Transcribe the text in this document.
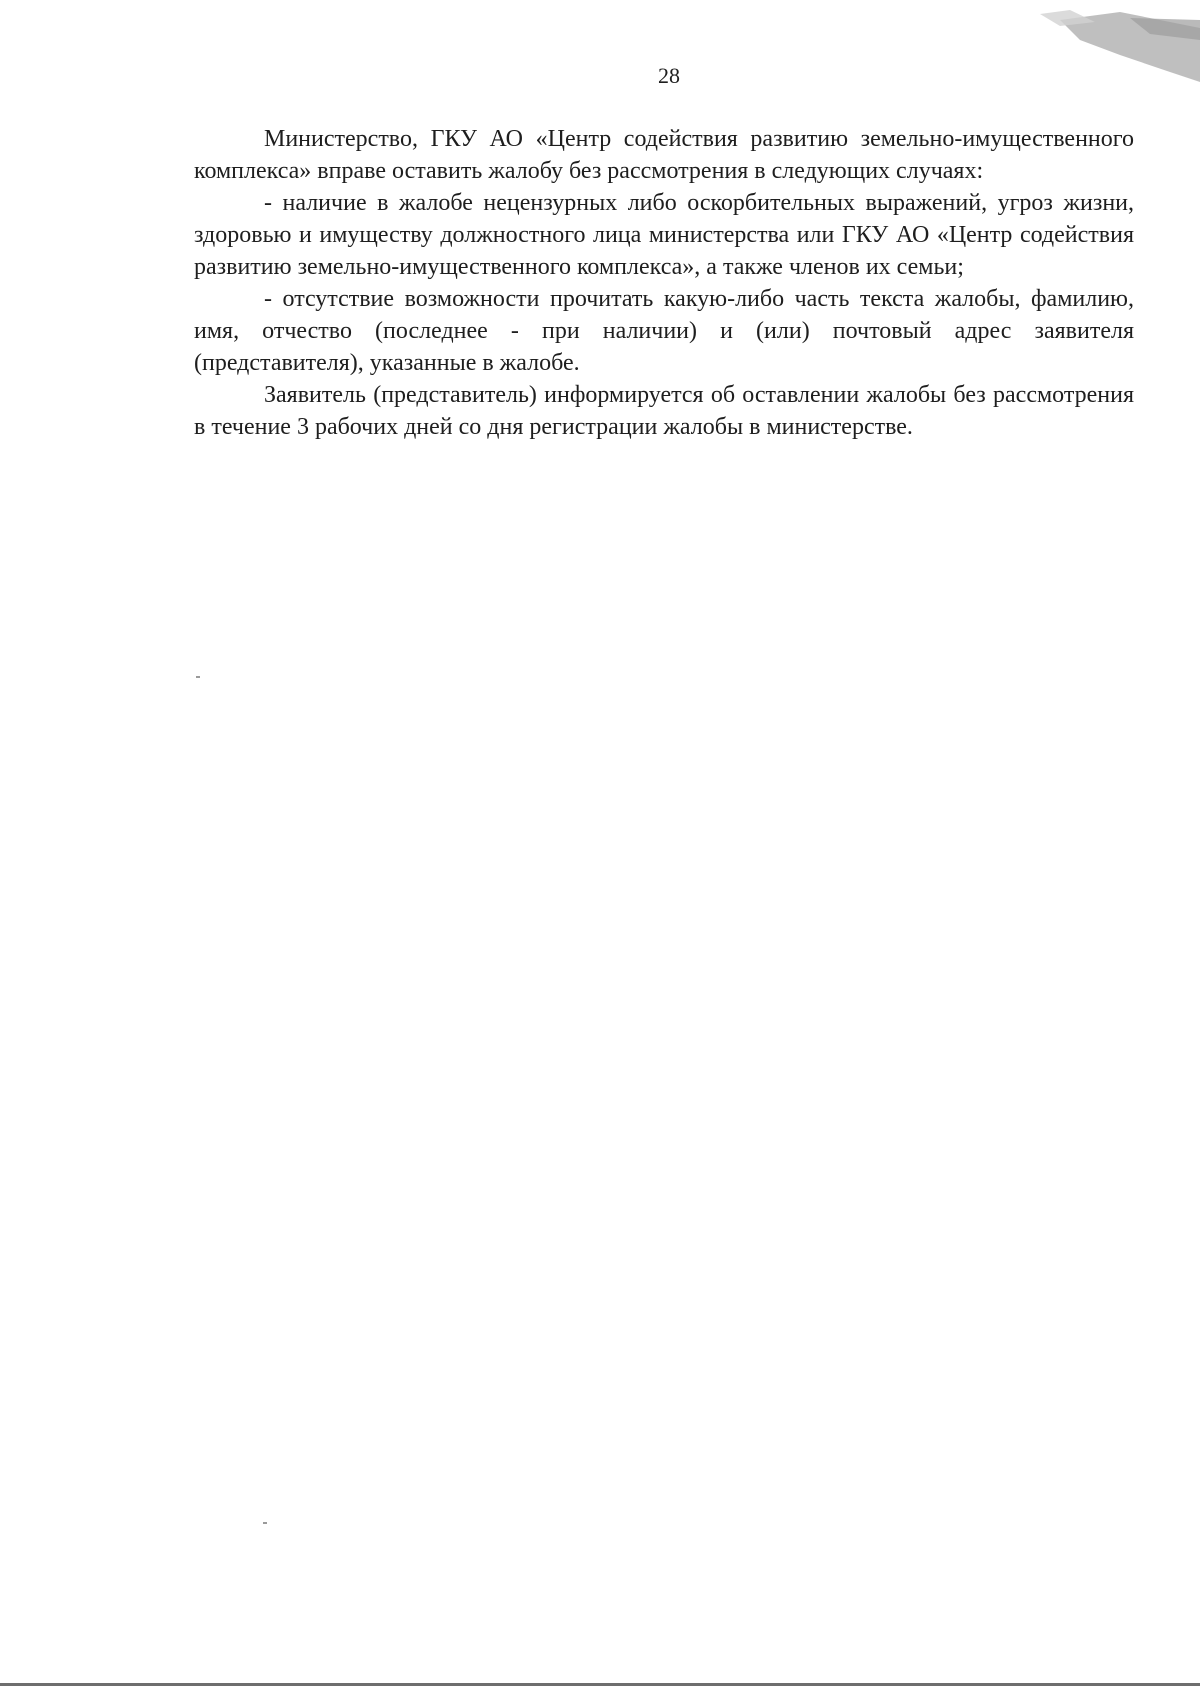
28

Министерство, ГКУ АО «Центр содействия развитию земельно-имущественного комплекса» вправе оставить жалобу без рассмотрения в следующих случаях:

- наличие в жалобе нецензурных либо оскорбительных выражений, угроз жизни, здоровью и имуществу должностного лица министерства или ГКУ АО «Центр содействия развитию земельно-имущественного комплекса», а также членов их семьи;

- отсутствие возможности прочитать какую-либо часть текста жалобы, фамилию, имя, отчество (последнее - при наличии) и (или) почтовый адрес заявителя (представителя), указанные в жалобе.

Заявитель (представитель) информируется об оставлении жалобы без рассмотрения в течение 3 рабочих дней со дня регистрации жалобы в министерстве.
